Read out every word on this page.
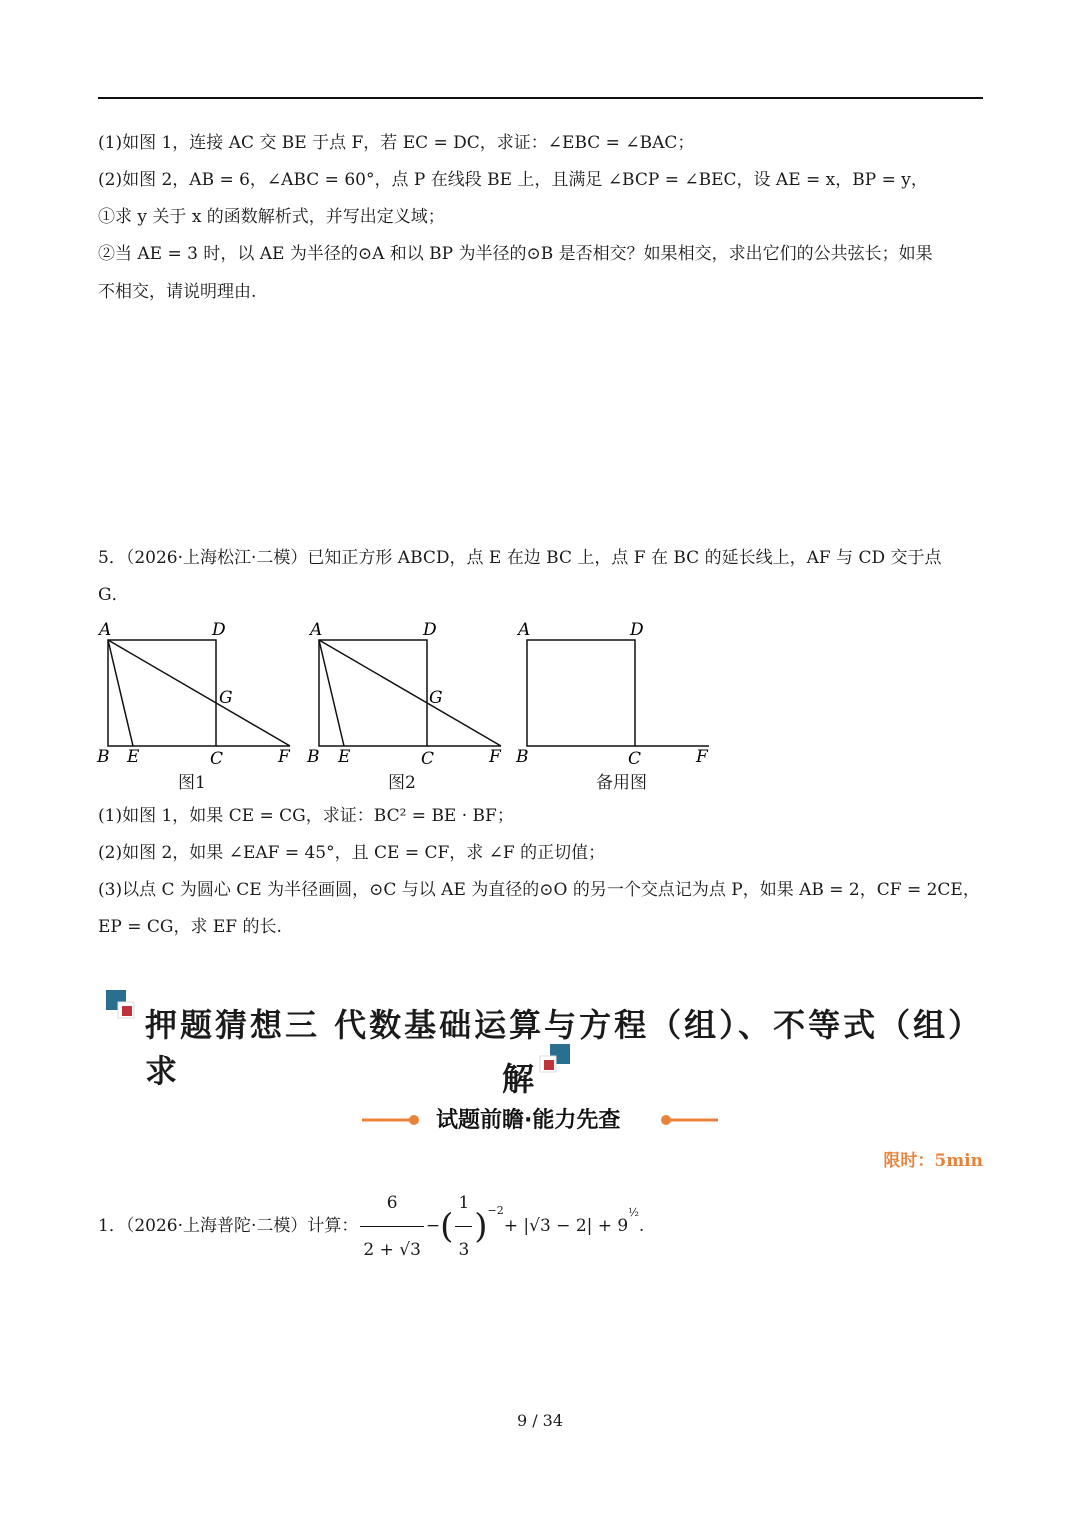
(1)如图 1，连接 AC 交 BE 于点 F，若 EC = DC，求证：∠EBC = ∠BAC；
(2)如图 2，AB = 6，∠ABC = 60°，点 P 在线段 BE 上，且满足 ∠BCP = ∠BEC，设 AE = x，BP = y，
①求 y 关于 x 的函数解析式，并写出定义域；
②当 AE = 3 时，以 AE 为半径的⊙A 和以 BP 为半径的⊙B 是否相交？如果相交，求出它们的公共弦长；如果
不相交，请说明理由.
5．（2026·上海松江·二模）已知正方形 ABCD，点 E 在边 BC 上，点 F 在 BC 的延长线上，AF 与 CD 交于点
G．
A	D
G
B E	C	F
A	D
G
B E	C	F
A	D
B	C	F
图1	图2	备用图
(1)如图 1，如果 CE = CG，求证：BC² = BE · BF；
(2)如图 2，如果 ∠EAF = 45°，且 CE = CF，求 ∠F 的正切值；
(3)以点 C 为圆心 CE 为半径画圆，⊙C 与以 AE 为直径的⊙O 的另一个交点记为点 P，如果 AB = 2，CF = 2CE，
EP = CG，求 EF 的长.
押题猜想三 代数基础运算与方程（组）、不等式（组）求	解
试题前瞻·能力先查
限时：5min
1．（2026·上海普陀·二模）计算： $\frac{6}{2 + √3}$ −( $\frac{1}{3} )^{-2}+ |√3 - 2| + 9^{\frac{1}{2}}$.
9 / 34
